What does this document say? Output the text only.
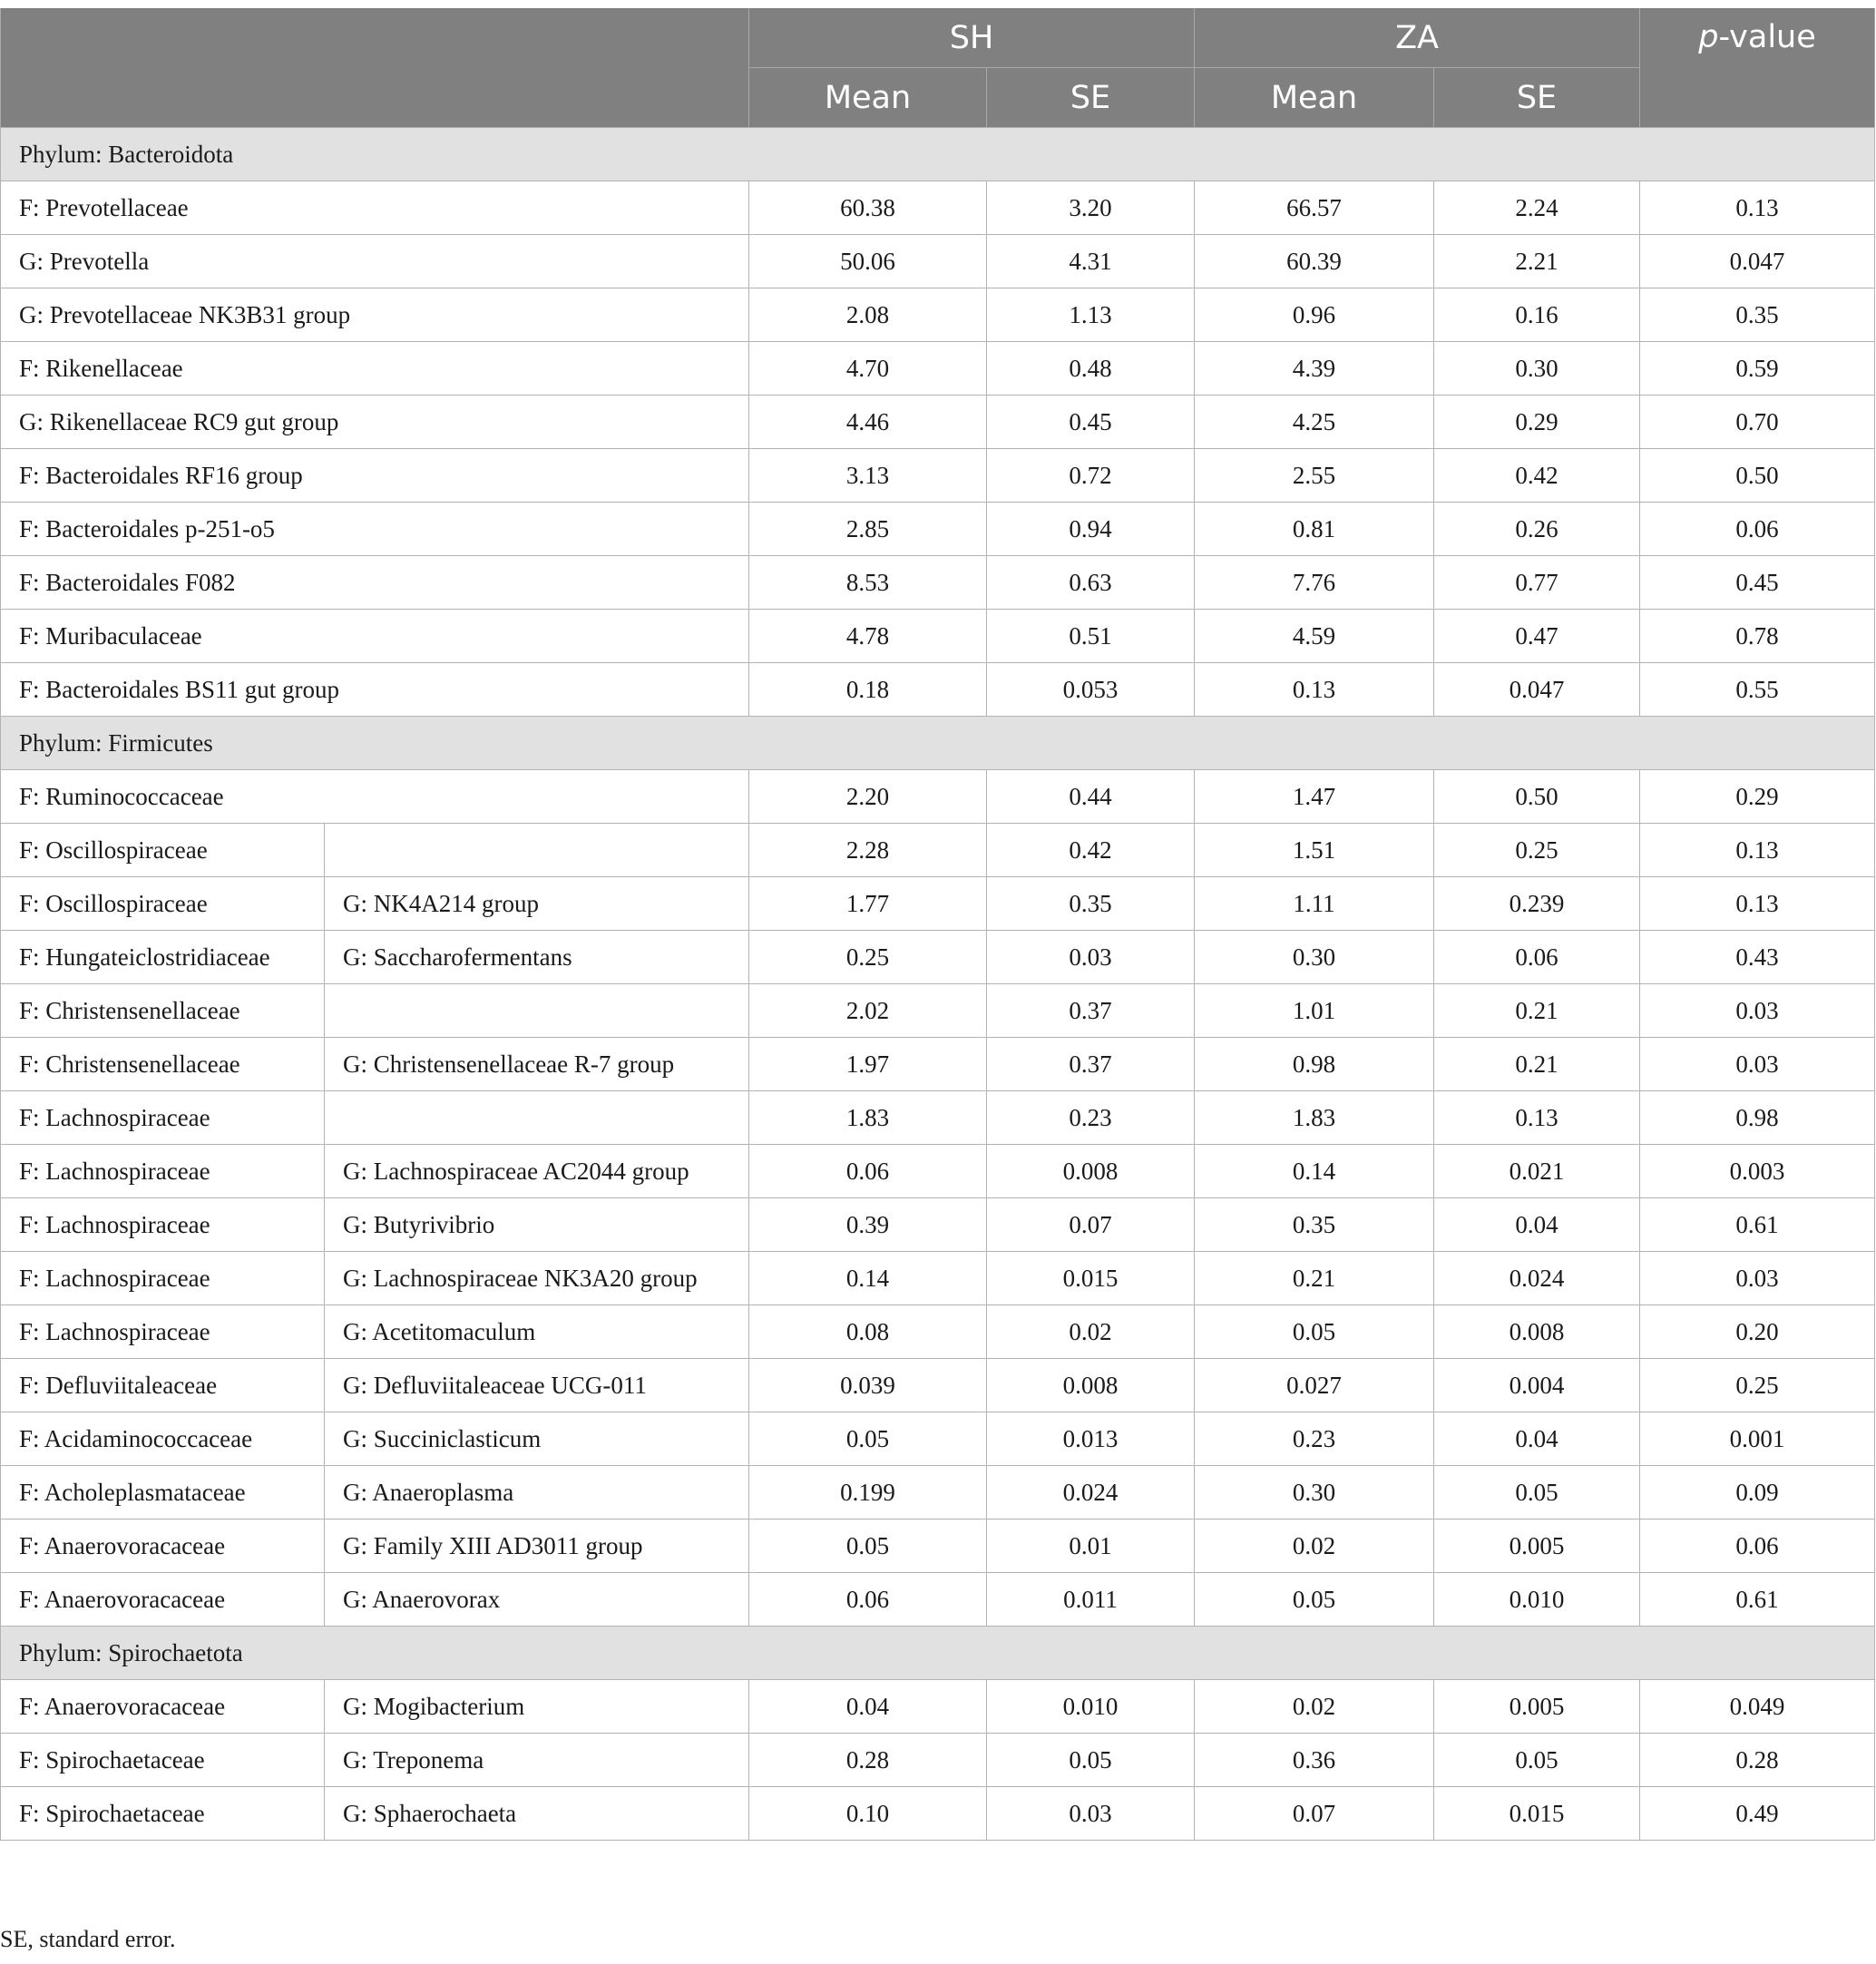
		SH		ZA		p-value
		Mean	SE	Mean	SE	
Phylum: Bacteroidota						
F: Prevotellaceae		60.38	3.20	66.57	2.24	0.13
G: Prevotella		50.06	4.31	60.39	2.21	0.047
G: Prevotellaceae NK3B31 group		2.08	1.13	0.96	0.16	0.35
F: Rikenellaceae		4.70	0.48	4.39	0.30	0.59
G: Rikenellaceae RC9 gut group		4.46	0.45	4.25	0.29	0.70
F: Bacteroidales RF16 group		3.13	0.72	2.55	0.42	0.50
F: Bacteroidales p-251-o5		2.85	0.94	0.81	0.26	0.06
F: Bacteroidales F082		8.53	0.63	7.76	0.77	0.45
F: Muribaculaceae		4.78	0.51	4.59	0.47	0.78
F: Bacteroidales BS11 gut group		0.18	0.053	0.13	0.047	0.55
Phylum: Firmicutes						
F: Ruminococcaceae		2.20	0.44	1.47	0.50	0.29
F: Oscillospiraceae		2.28	0.42	1.51	0.25	0.13
F: Oscillospiraceae	G: NK4A214 group	1.77	0.35	1.11	0.239	0.13
F: Hungateiclostridiaceae	G: Saccharofermentans	0.25	0.03	0.30	0.06	0.43
F: Christensenellaceae		2.02	0.37	1.01	0.21	0.03
F: Christensenellaceae	G: Christensenellaceae R-7 group	1.97	0.37	0.98	0.21	0.03
F: Lachnospiraceae		1.83	0.23	1.83	0.13	0.98
F: Lachnospiraceae	G: Lachnospiraceae AC2044 group	0.06	0.008	0.14	0.021	0.003
F: Lachnospiraceae	G: Butyrivibrio	0.39	0.07	0.35	0.04	0.61
F: Lachnospiraceae	G: Lachnospiraceae NK3A20 group	0.14	0.015	0.21	0.024	0.03
F: Lachnospiraceae	G: Acetitomaculum	0.08	0.02	0.05	0.008	0.20
F: Defluviitaleaceae	G: Defluviitaleaceae UCG-011	0.039	0.008	0.027	0.004	0.25
F: Acidaminococcaceae	G: Succiniclasticum	0.05	0.013	0.23	0.04	0.001
F: Acholeplasmataceae	G: Anaeroplasma	0.199	0.024	0.30	0.05	0.09
F: Anaerovoracaceae	G: Family XIII AD3011 group	0.05	0.01	0.02	0.005	0.06
F: Anaerovoracaceae	G: Anaerovorax	0.06	0.011	0.05	0.010	0.61
Phylum: Spirochaetota						
F: Anaerovoracaceae	G: Mogibacterium	0.04	0.010	0.02	0.005	0.049
F: Spirochaetaceae	G: Treponema	0.28	0.05	0.36	0.05	0.28
F: Spirochaetaceae	G: Sphaerochaeta	0.10	0.03	0.07	0.015	0.49
SE, standard error.
